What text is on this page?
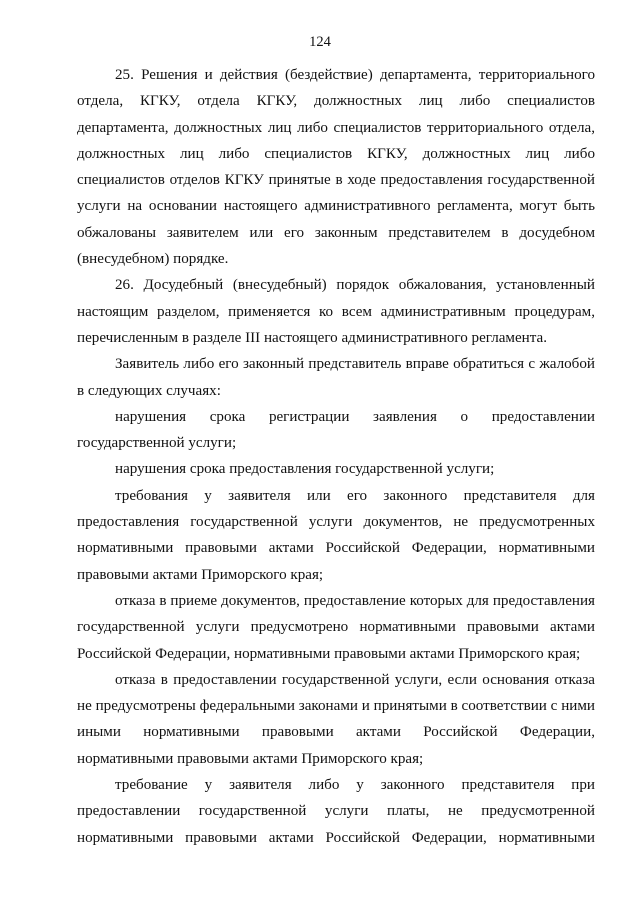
124

25. Решения и действия (бездействие) департамента, территориального
отдела, КГКУ, отдела КГКУ, должностных лиц либо специалистов
департамента, должностных лиц либо специалистов территориального отдела,
должностных лиц либо специалистов КГКУ, должностных лиц либо
специалистов отделов КГКУ принятые в ходе предоставления государственной
услуги на основании настоящего административного регламента, могут быть
обжалованы заявителем или его законным представителем в досудебном
(внесудебном) порядке.

26. Досудебный (внесудебный) порядок обжалования, установленный
настоящим разделом, применяется ко всем административным процедурам,
перечисленным в разделе III настоящего административного регламента.

Заявитель либо его законный представитель вправе обратиться с жалобой
в следующих случаях:

нарушения срока регистрации заявления о предоставлении
государственной услуги;

нарушения срока предоставления государственной услуги;

требования у заявителя или его законного представителя для
предоставления государственной услуги документов, не предусмотренных
нормативными правовыми актами Российской Федерации, нормативными
правовыми актами Приморского края;

отказа в приеме документов, предоставление которых для предоставления
государственной услуги предусмотрено нормативными правовыми актами
Российской Федерации, нормативными правовыми актами Приморского края;

отказа в предоставлении государственной услуги, если основания отказа
не предусмотрены федеральными законами и принятыми в соответствии с ними
иными нормативными правовыми актами Российской Федерации,
нормативными правовыми актами Приморского края;

требование у заявителя либо у законного представителя при
предоставлении государственной услуги платы, не предусмотренной
нормативными правовыми актами Российской Федерации, нормативными
